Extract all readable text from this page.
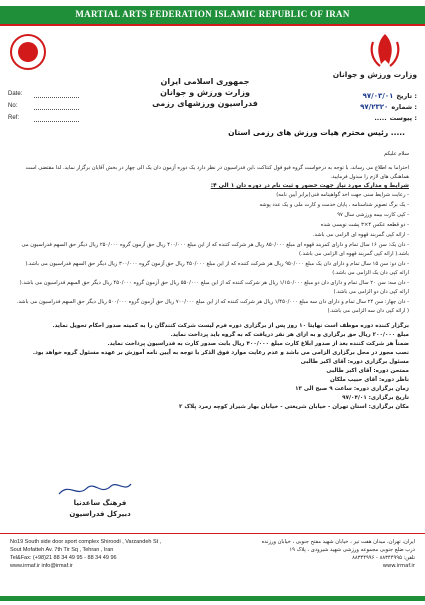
MARTIAL ARTS FEDERATION ISLAMIC REPUBLIC OF IRAN
وزارت ورزش و جوانان
جمهوری اسلامی ایران
وزارت ورزش و جوانان
فدراسیون ورزشهای رزمی
Date:
No:
Ref:
۹۷/۰۳/۰۱ تاریخ :
۹۷/۲۳۲۰ شماره :
..... پیوست :
رئیس محترم هیات ورزش های رزمی استان .....

سلام علیکم

احتراما به اطلاع می رساند، با توجه به درخواست گروه فیو فول کنتاکت ،این فدراسیون در نظر دارد یک دوره آزمون دان یک الی چهار در بخش آقایان برگزار نماید. لذا مقتضی است هماهنگی های لازم را مبذول فرمایید.

شرایط و مدارک مورد نیاز جهت حضور و ثبت نام در دوره دان ۱ الی ۴:

- رعایت شرایط سنی جهت اخذ گواهینامه فنی(برابر آیین نامه)
- یک برگ تصویر شناسنامه ، پایان خدمت و کارت ملی و یک عدد پوشه
- کپی کارت بیمه ورزشی سال ۹۷
- دو قطعه عکس ۴×۳ پشت نویسی شده
- ارائه کپی گمربند قهوه ای الزامی می باشد.
- دان یک: سن ۱۶ سال تمام و دارای کمربند قهوه ای مبلغ ۸۵۰/۰۰۰ ریال هر شرکت کننده که از این مبلغ ۴۰۰/۰۰۰ ریال حق آزمون گروه ۲۵۰/۰۰۰ ریال دیگر حق السهم فدراسیون می باشد.( ارائه کپی گمربند قهوه ای الزامی می باشد.)
- دان دو: سن ۱۵ سال تمام و دارای دان یک مبلغ ۹۵۰/۰۰۰ ریال هر شرکت کننده که از این مبلغ ۴۵۰/۰۰۰ ریال حق آزمون گروه ۳۰۰/۰۰۰ ریال دیگر حق السهم فدراسیون می باشد.( ارائه کپی دان یک الزامی می باشد.)
- دان سه: سن ۲۰ سال تمام و دارای دان دو مبلغ ۱/۱۵۰/۰۰۰ ریال هر شرکت کننده که از این مبلغ ۵۵۰/۰۰۰ ریال حق آزمون گروه ۴۵۰/۰۰۰ ریال دیگر حق السهم فدراسیون می باشد.( ارائه کپی دان دو الزامی می باشد.)
- دان چهار: سن ۲۴ سال تمام و دارای دان سه مبلغ ۱/۴۵۰/۰۰۰ ریال هر شرکت کننده که از این مبلغ ۷۰۰/۰۰۰ ریال حق آزمون گروه ۵۰۰/۰۰۰ ریال دیگر حق السهم فدراسیون می باشد.( ارائه کپی دان سه الزامی می باشد.)

برگزار کننده دوره موظف است نهایتا ۱۰ روز پس از برگزاری دوره فرم لیست شرکت کنندگان را به کمیته صدور احکام تحویل نماید.

مبلغ ۲۰۰/۰۰۰ ریال حق برگزاری و به ازای هر نفر دریافت که به گروه باید پرداخت نماید.

ضمناً هر شرکت کننده بعد از صدور ابلاغ کارت مبلغ ۴۰۰/۰۰۰ ریال بابت صدور کارت به فدراسیون پرداخت نماید.

نصب مجوز در محل برگزاری الزامی می باشد و عدم رعایت موارد فوق الذکر با توجه به آیین نامه آموزش بر عهده مسئول گروه خواهد بود.

مسئول برگزاری دوره: آقای اکبر طالبی

ممتحن دوره: آقای اکبر طالبی

ناظر دوره: آقای حبیب ملکان

زمان برگزاری دوره: ساعت ۹ صبح الی ۱۳

تاریخ برگزاری: ۹۷/۰۴/۰۱

مکان برگزاری: استان تهران - خیابان شریعتی - خیابان بهار شیراز کوچه زمرد پلاک ۲

فرهنگ ساعدنیا
دبیرکل فدراسیون
No19 South side door sport complex Shiroodi , Varzandeh St ,
Sout Mofatteh Av. 7th Tir Sq , Tehran , Iran
Tel&Fax: (+98)21 88 34 49 95 - 88 34 49 96
www.irmaf.ir info@irmaf.ir
ایران، تهران، میدان هفت تیر ، خیابان شهید مفتح جنوبی ، خیابان ورزنده
درب ضلع جنوبی مجموعه ورزشی شهید شیرودی ، پلاک ۱۹
تلفن: ۸۸۳۴۴۹۹۵ - ۸۸۳۴۴۹۹۶
www.irmaf.ir
